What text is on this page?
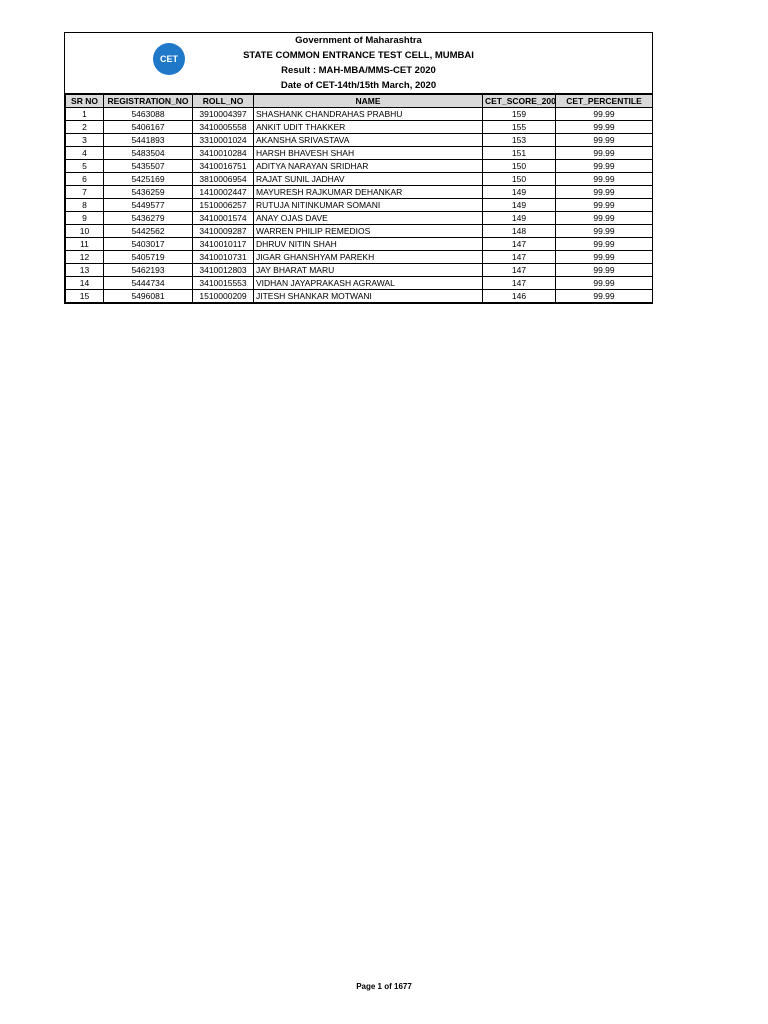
CET
Government of Maharashtra
STATE COMMON ENTRANCE TEST CELL, MUMBAI
Result : MAH-MBA/MMS-CET 2020
Date of CET-14th/15th March, 2020
SR NO	REGISTRATION_NO	ROLL_NO	NAME	CET_SCORE_200	CET_PERCENTILE
1	5463088	3910004397	SHASHANK CHANDRAHAS PRABHU	159	99.99
2	5406167	3410005558	ANKIT UDIT THAKKER	155	99.99
3	5441893	3310001024	AKANSHA SRIVASTAVA	153	99.99
4	5483504	3410010284	HARSH BHAVESH SHAH	151	99.99
5	5435507	3410016751	ADITYA NARAYAN SRIDHAR	150	99.99
6	5425169	3810006954	RAJAT SUNIL JADHAV	150	99.99
7	5436259	1410002447	MAYURESH RAJKUMAR DEHANKAR	149	99.99
8	5449577	1510006257	RUTUJA NITINKUMAR SOMANI	149	99.99
9	5436279	3410001574	ANAY OJAS DAVE	149	99.99
10	5442562	3410009287	WARREN PHILIP REMEDIOS	148	99.99
11	5403017	3410010117	DHRUV NITIN SHAH	147	99.99
12	5405719	3410010731	JIGAR GHANSHYAM PAREKH	147	99.99
13	5462193	3410012803	JAY BHARAT MARU	147	99.99
14	5444734	3410015553	VIDHAN JAYAPRAKASH AGRAWAL	147	99.99
15	5496081	1510000209	JITESH SHANKAR MOTWANI	146	99.99
Page 1 of 1677
